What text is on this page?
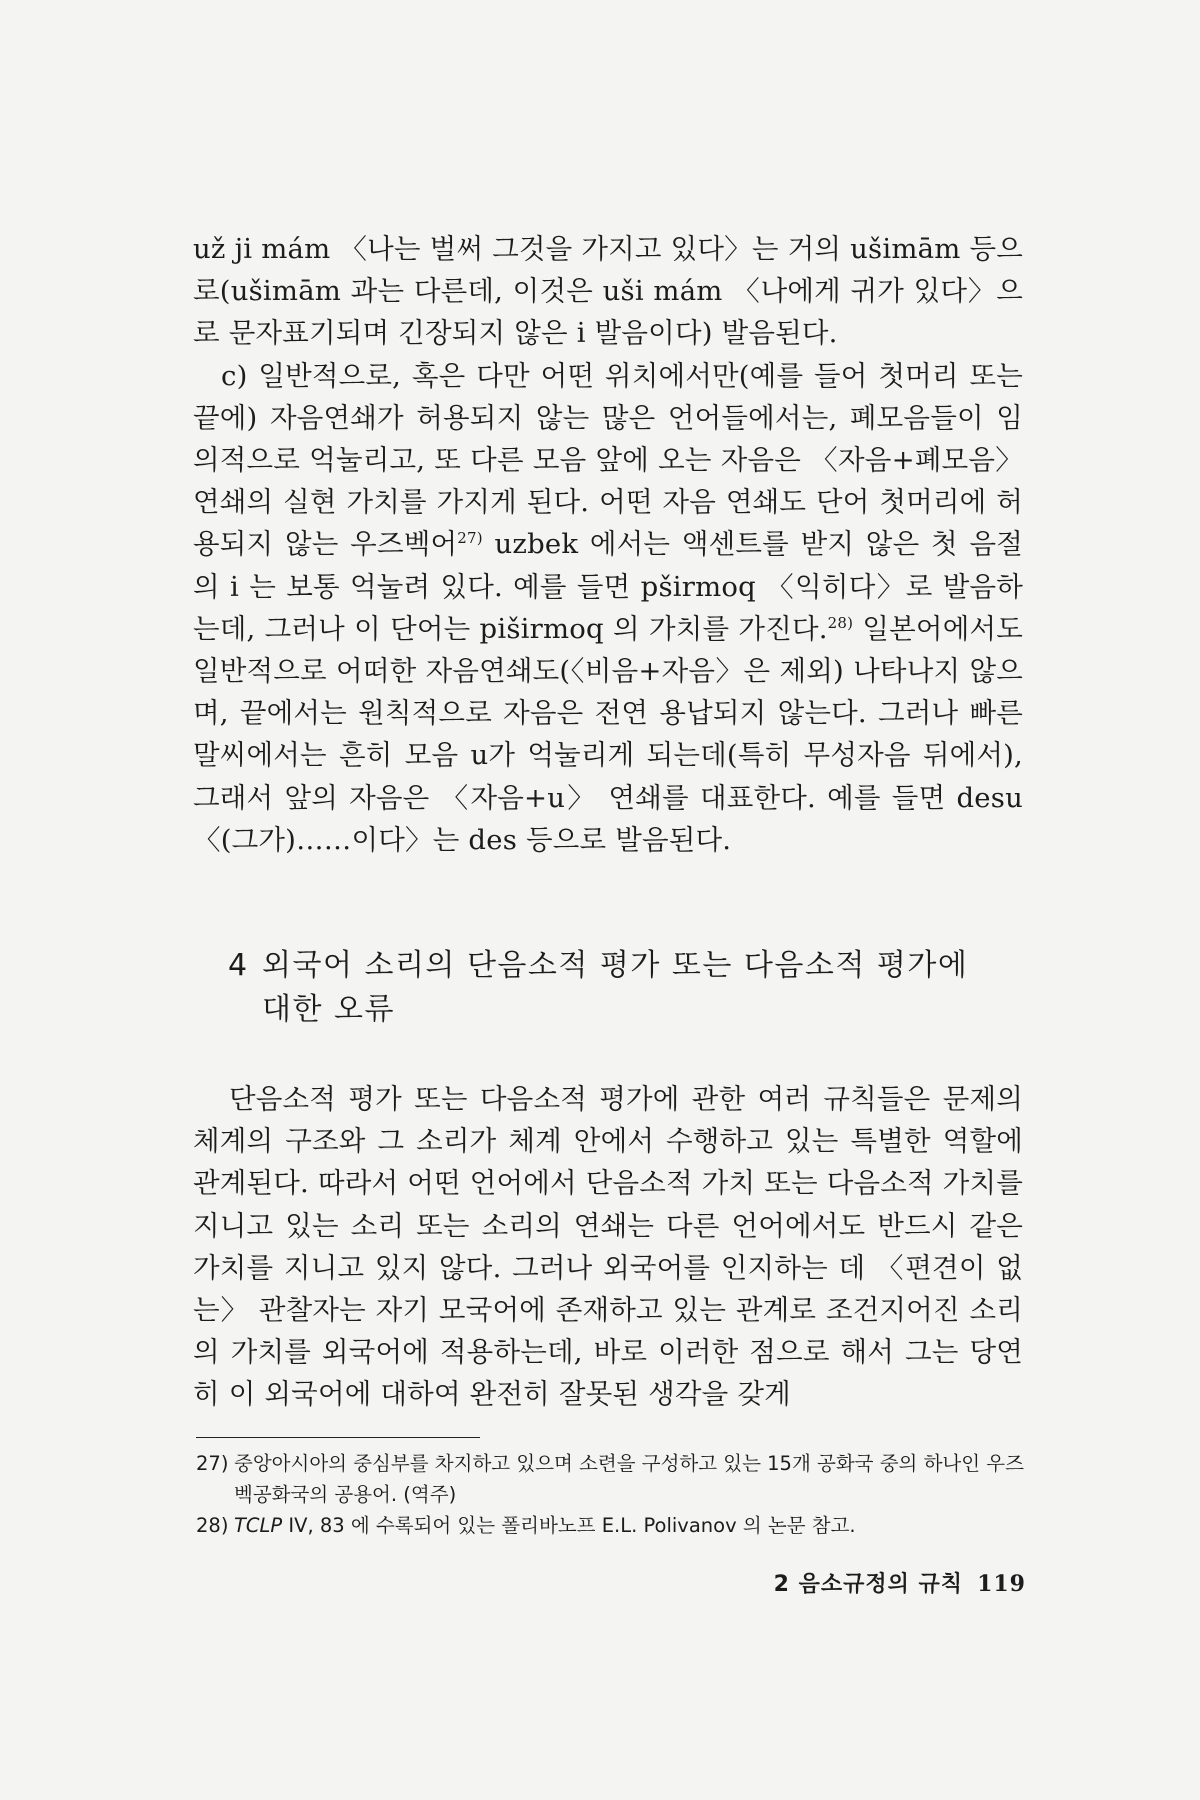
už ji mám 〈나는 벌써 그것을 가지고 있다〉는 거의 ušimām 등으로(ušimām 과는 다른데, 이것은 uši mám 〈나에게 귀가 있다〉으로 문자표기되며 긴장되지 않은 i 발음이다) 발음된다.

c) 일반적으로, 혹은 다만 어떤 위치에서만(예를 들어 첫머리 또는 끝에) 자음연쇄가 허용되지 않는 많은 언어들에서는, 폐모음들이 임의적으로 억눌리고, 또 다른 모음 앞에 오는 자음은 〈자음+폐모음〉 연쇄의 실현 가치를 가지게 된다. 어떤 자음 연쇄도 단어 첫머리에 허용되지 않는 우즈벡어$^{27)}$ uzbek 에서는 액센트를 받지 않은 첫 음절의 i 는 보통 억눌려 있다. 예를 들면 pširmoq 〈익히다〉로 발음하는데, 그러나 이 단어는 piširmoq 의 가치를 가진다.$^{28)}$ 일본어에서도 일반적으로 어떠한 자음연쇄도(〈비음+자음〉은 제외) 나타나지 않으며, 끝에서는 원칙적으로 자음은 전연 용납되지 않는다. 그러나 빠른 말씨에서는 흔히 모음 u가 억눌리게 되는데(특히 무성자음 뒤에서), 그래서 앞의 자음은 〈자음+u〉 연쇄를 대표한다. 예를 들면 desu 〈(그가)……이다〉는 des 등으로 발음된다.

4 외국어 소리의 단음소적 평가 또는 다음소적 평가에
대한 오류

단음소적 평가 또는 다음소적 평가에 관한 여러 규칙들은 문제의 체계의 구조와 그 소리가 체계 안에서 수행하고 있는 특별한 역할에 관계된다. 따라서 어떤 언어에서 단음소적 가치 또는 다음소적 가치를 지니고 있는 소리 또는 소리의 연쇄는 다른 언어에서도 반드시 같은 가치를 지니고 있지 않다. 그러나 외국어를 인지하는 데 〈편견이 없는〉 관찰자는 자기 모국어에 존재하고 있는 관계로 조건지어진 소리의 가치를 외국어에 적용하는데, 바로 이러한 점으로 해서 그는 당연히 이 외국어에 대하여 완전히 잘못된 생각을 갖게

27) 중앙아시아의 중심부를 차지하고 있으며 소련을 구성하고 있는 15개 공화국 중의 하나인 우즈벡공화국의 공용어. (역주)
28) TCLP IV, 83 에 수록되어 있는 폴리바노프 E.L. Polivanov 의 논문 참고.
2 음소규정의 규칙 119
